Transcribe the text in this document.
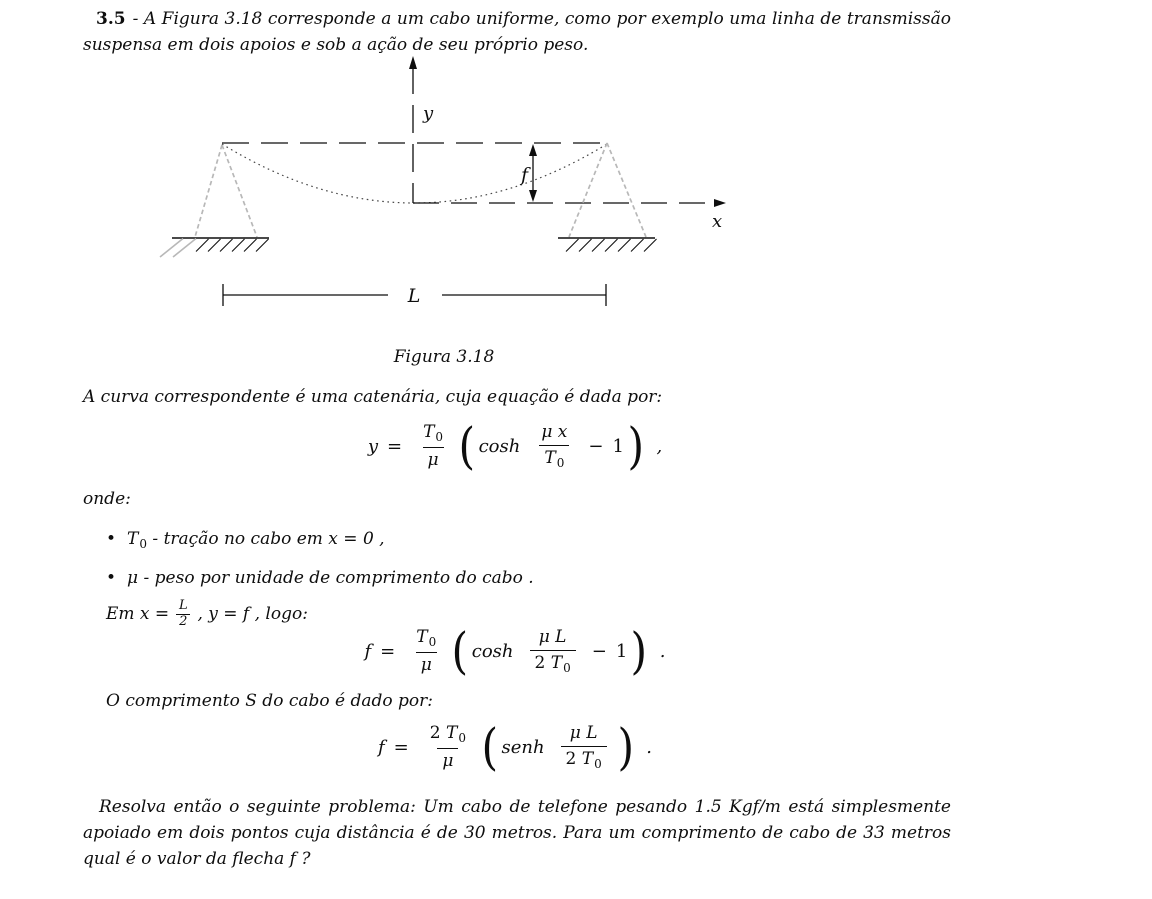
3.5 - A Figura 3.18 corresponde a um cabo uniforme, como por exemplo uma linha de transmissão suspensa em dois apoios e sob a ação de seu próprio peso.
y
x
f
L
Figura 3.18
A curva correspondente é uma catenária, cuja equação é dada por:
$y = \frac{T_0}{\mu}$ ( $\cosh \frac{\text{μ x}}{T_0} - 1$ ) ,
onde:
• $T_0$ - tração no cabo em x = 0 ,
• μ - peso por unidade de comprimento do cabo .
Em $x = \frac{L}{2}$ , y = f , logo:
$f = \frac{T_0}{\mu}$ ( $\cosh \frac{\text{μ L}}{2 T_0} - 1$ ) .
O comprimento S do cabo é dado por:
$f = \frac{2 T_0}{\mu}$ ( senh $\frac{\text{μ L}}{2 T_0}$ ) .
Resolva então o seguinte problema: Um cabo de telefone pesando 1.5 Kgf/m está simplesmente apoiado em dois pontos cuja distância é de 30 metros. Para um comprimento de cabo de 33 metros qual é o valor da flecha f ?
